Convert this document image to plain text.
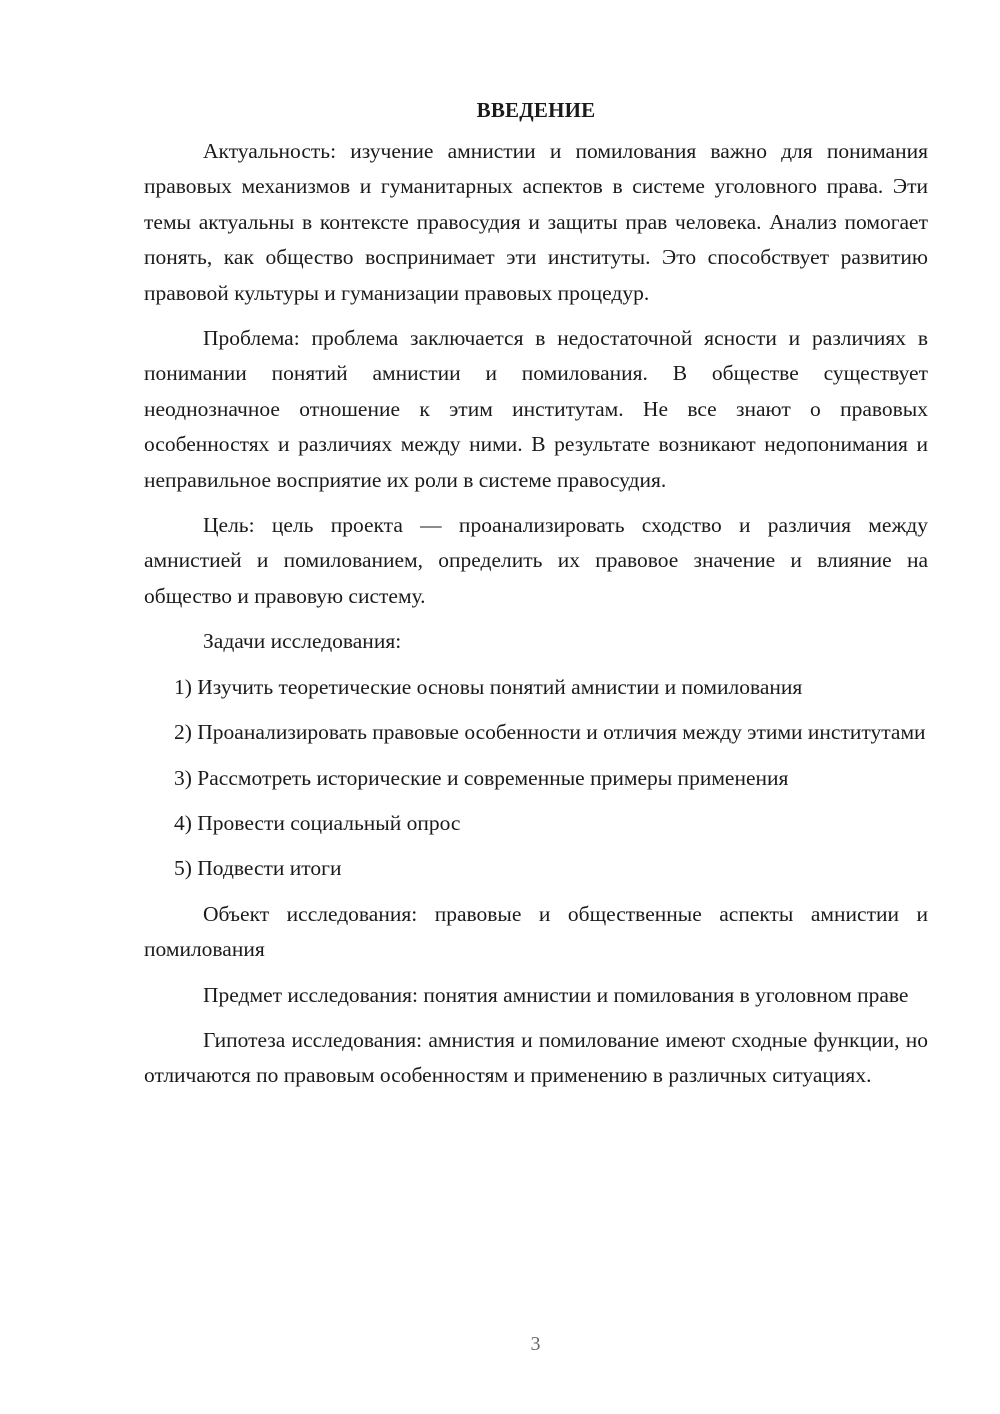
ВВЕДЕНИЕ

Актуальность: изучение амнистии и помилования важно для понимания правовых механизмов и гуманитарных аспектов в системе уголовного права. Эти темы актуальны в контексте правосудия и защиты прав человека. Анализ помогает понять, как общество воспринимает эти институты. Это способствует развитию правовой культуры и гуманизации правовых процедур.

Проблема: проблема заключается в недостаточной ясности и различиях в понимании понятий амнистии и помилования. В обществе существует неоднозначное отношение к этим институтам. Не все знают о правовых особенностях и различиях между ними. В результате возникают недопонимания и неправильное восприятие их роли в системе правосудия.

Цель: цель проекта — проанализировать сходство и различия между амнистией и помилованием, определить их правовое значение и влияние на общество и правовую систему.

Задачи исследования:

1) Изучить теоретические основы понятий амнистии и помилования

2) Проанализировать правовые особенности и отличия между этими институтами

3) Рассмотреть исторические и современные примеры применения

4) Провести социальный опрос

5) Подвести итоги

Объект исследования: правовые и общественные аспекты амнистии и помилования

Предмет исследования: понятия амнистии и помилования в уголовном праве

Гипотеза исследования: амнистия и помилование имеют сходные функции, но отличаются по правовым особенностям и применению в различных ситуациях.

3
